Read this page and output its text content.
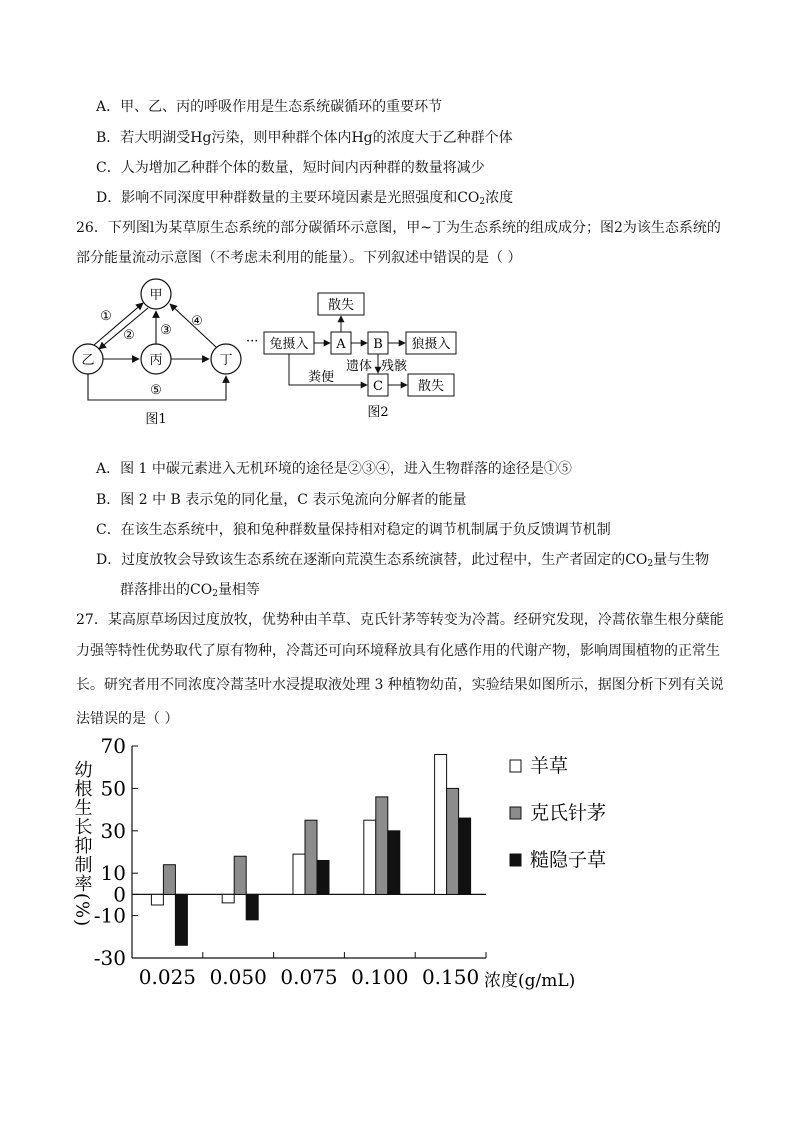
A．甲、乙、丙的呼吸作用是生态系统碳循环的重要环节
B．若大明湖受Hg污染，则甲种群个体内Hg的浓度大于乙种群个体
C．人为增加乙种群个体的数量，短时间内丙种群的数量将减少
D．影响不同深度甲种群数量的主要环境因素是光照强度和$CO_2$浓度
26．下列图l为某草原生态系统的部分碳循环示意图，甲~丁为生态系统的组成成分；图2为该生态系统的
部分能量流动示意图（不考虑未利用的能量）。下列叙述中错误的是（ ）
甲
乙	丙	丁
①
② ③
④
⑤
图1
··· 兔摄入 A B 狼摄入
散失
C	散失
遗体 残骸
粪便
图2
A．图 1 中碳元素进入无机环境的途径是②③④，进入生物群落的途径是①⑤
B．图 2 中 B 表示兔的同化量，C 表示兔流向分解者的能量
C．在该生态系统中，狼和兔种群数量保持相对稳定的调节机制属于负反馈调节机制
D．过度放牧会导致该生态系统在逐渐向荒漠生态系统演替，此过程中，生产者固定的$CO_2$量与生物
群落排出的$CO_2$量相等
27．某高原草场因过度放牧，优势种由羊草、克氏针茅等转变为冷蒿。经研究发现，冷蒿依靠生根分蘖能
力强等特性优势取代了原有物种，冷蒿还可向环境释放具有化感作用的代谢产物，影响周围植物的正常生
长。研究者用不同浓度冷蒿茎叶水浸提取液处理 3 种植物幼苗，实验结果如图所示，据图分析下列有关说
法错误的是（ ）
70
50
30
10
0
-10
-30
0.025 0.050 0.075 0.100 0.150 浓度(g/mL)
幼根生长抑制率(%)	羊草
克氏针茅
糙隐子草
